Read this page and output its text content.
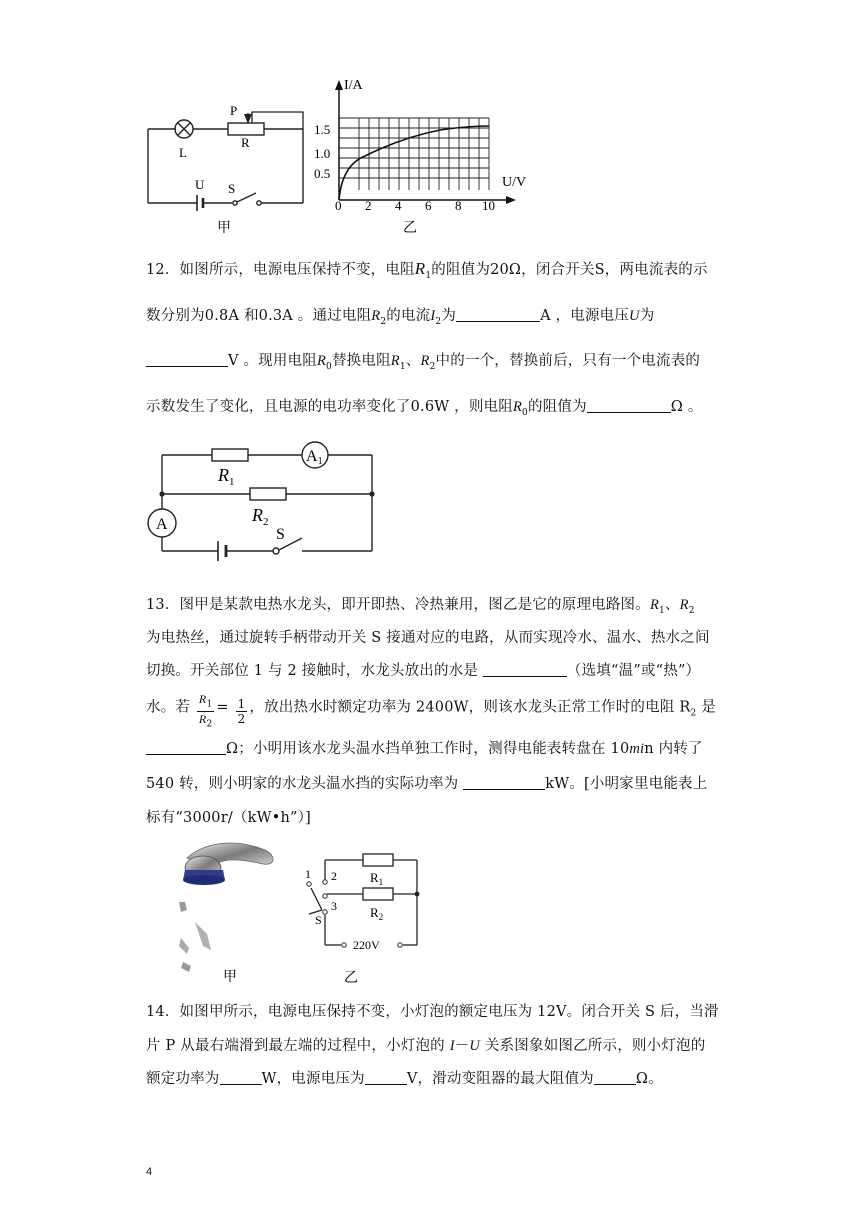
P
L
R
U S
甲
I/A
U/V
1.5
1.0
0.5
0 2 4 6 8 10
乙
12．如图所示，电源电压保持不变，电阻$R_1$的阻值为20Ω，闭合开关S，两电流表的示
数分别为0.8A 和0.3A 。通过电阻$R_2$的电流$I_2$为	A ，电源电压U为
V 。现用电阻$R_0$替换电阻$R_1$、$R_2$中的一个，替换前后，只有一个电流表的
示数发生了变化，且电源的电功率变化了0.6W ，则电阻$R_0$的阻值为	Ω 。
$R_1$
$R_2$
A1
A
S
13．图甲是某款电热水龙头，即开即热、冷热兼用，图乙是它的原理电路图。$R_1$、$R_2$
为电热丝，通过旋转手柄带动开关 S 接通对应的电路，从而实现冷水、温水、热水之间
切换。开关部位 1 与 2 接触时，水龙头放出的水是	（选填“温”或“热”）
水。若 $\frac{R_1}{R_2} = \frac{1}{2}$ ，放出热水时额定功率为 2400W，则该水龙头正常工作时的电阻 $R_2$ 是
Ω；小明用该水龙头温水挡单独工作时，测得电能表转盘在 10min 内转了
540 转，则小明家的水龙头温水挡的实际功率为	kW。[小明家里电能表上
标有“3000r/（kW•h”）]
甲
1 2
3
S
$R_1$
$R_2$
220V
乙
14．如图甲所示，电源电压保持不变，小灯泡的额定电压为 12V。闭合开关 S 后，当滑
片 P 从最右端滑到最左端的过程中，小灯泡的 I－U 关系图象如图乙所示，则小灯泡的
额定功率为	W，电源电压为	V，滑动变阻器的最大阻值为	Ω。
4
